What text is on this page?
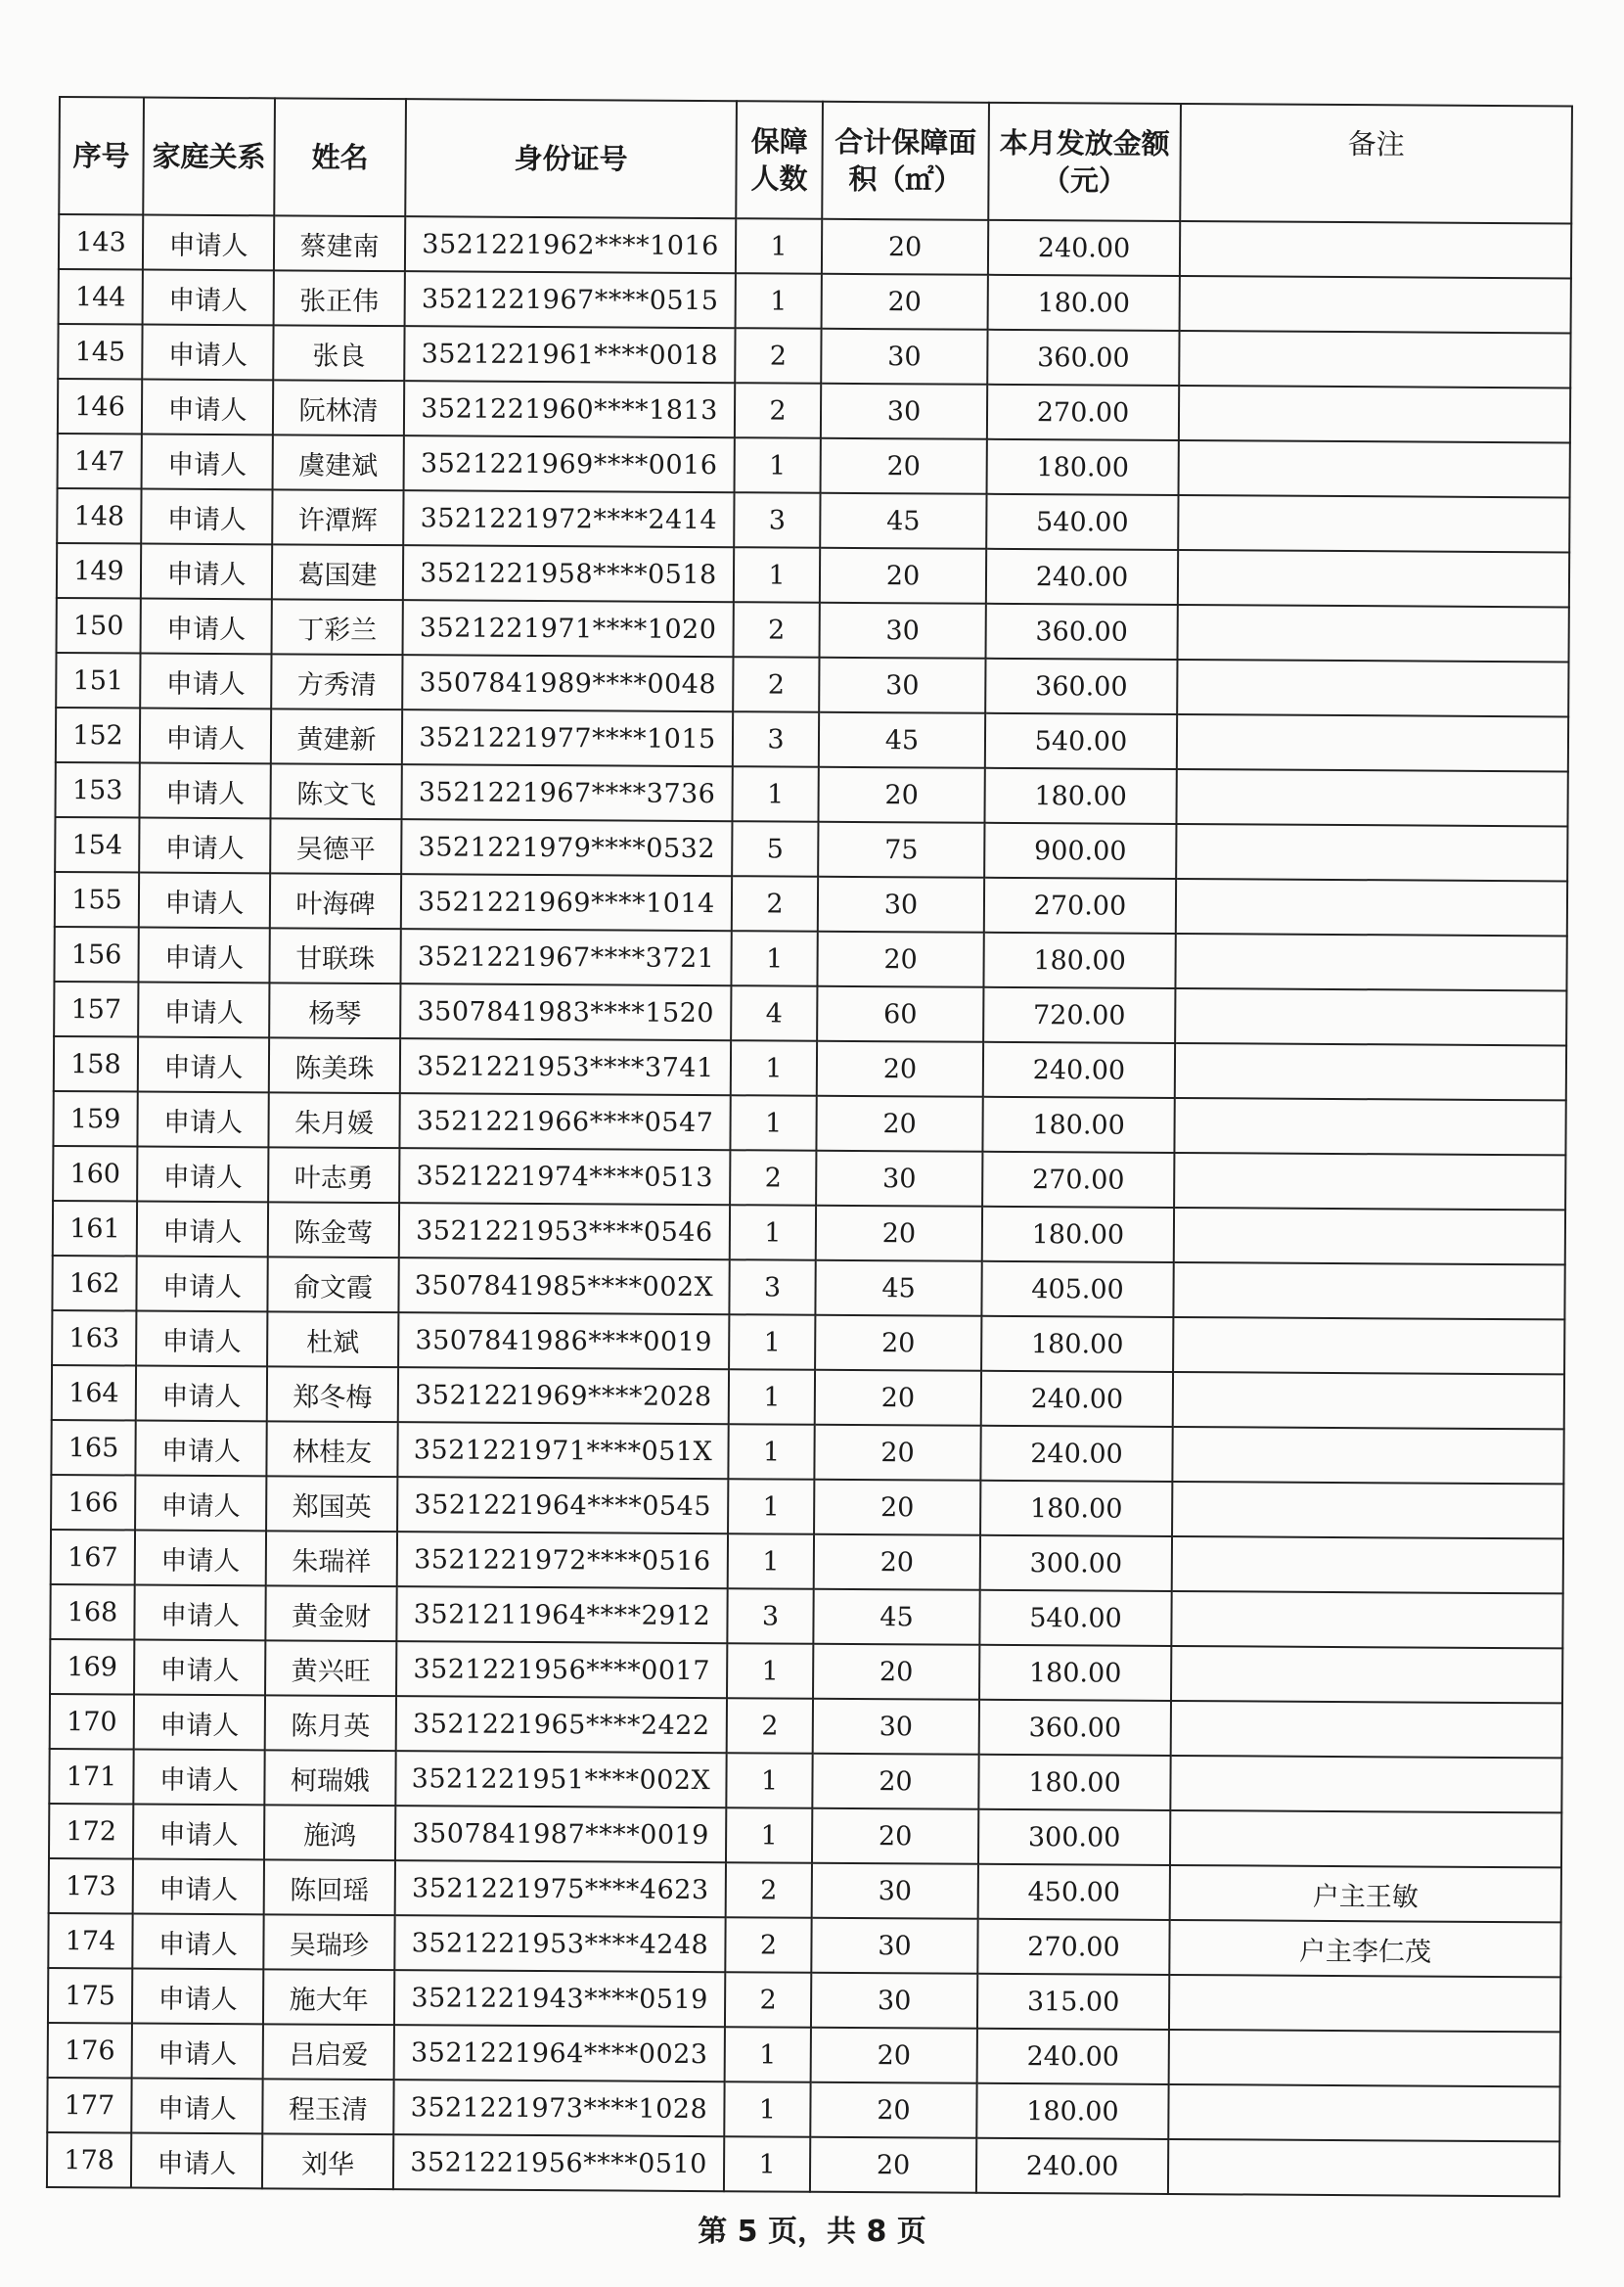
序号	家庭关系	姓名	身份证号	保障人数	合计保障面积（㎡）	本月发放金额（元）	备注
143	申请人	蔡建南	3521221962****1016	1	20	240.00	
144	申请人	张正伟	3521221967****0515	1	20	180.00	
145	申请人	张良	3521221961****0018	2	30	360.00	
146	申请人	阮林清	3521221960****1813	2	30	270.00	
147	申请人	虞建斌	3521221969****0016	1	20	180.00	
148	申请人	许潭辉	3521221972****2414	3	45	540.00	
149	申请人	葛国建	3521221958****0518	1	20	240.00	
150	申请人	丁彩兰	3521221971****1020	2	30	360.00	
151	申请人	方秀清	3507841989****0048	2	30	360.00	
152	申请人	黄建新	3521221977****1015	3	45	540.00	
153	申请人	陈文飞	3521221967****3736	1	20	180.00	
154	申请人	吴德平	3521221979****0532	5	75	900.00	
155	申请人	叶海碑	3521221969****1014	2	30	270.00	
156	申请人	甘联珠	3521221967****3721	1	20	180.00	
157	申请人	杨琴	3507841983****1520	4	60	720.00	
158	申请人	陈美珠	3521221953****3741	1	20	240.00	
159	申请人	朱月媛	3521221966****0547	1	20	180.00	
160	申请人	叶志勇	3521221974****0513	2	30	270.00	
161	申请人	陈金莺	3521221953****0546	1	20	180.00	
162	申请人	俞文霞	3507841985****002X	3	45	405.00	
163	申请人	杜斌	3507841986****0019	1	20	180.00	
164	申请人	郑冬梅	3521221969****2028	1	20	240.00	
165	申请人	林桂友	3521221971****051X	1	20	240.00	
166	申请人	郑国英	3521221964****0545	1	20	180.00	
167	申请人	朱瑞祥	3521221972****0516	1	20	300.00	
168	申请人	黄金财	3521211964****2912	3	45	540.00	
169	申请人	黄兴旺	3521221956****0017	1	20	180.00	
170	申请人	陈月英	3521221965****2422	2	30	360.00	
171	申请人	柯瑞娥	3521221951****002X	1	20	180.00	
172	申请人	施鸿	3507841987****0019	1	20	300.00	
173	申请人	陈回瑶	3521221975****4623	2	30	450.00	户主王敏
174	申请人	吴瑞珍	3521221953****4248	2	30	270.00	户主李仁茂
175	申请人	施大年	3521221943****0519	2	30	315.00	
176	申请人	吕启爱	3521221964****0023	1	20	240.00	
177	申请人	程玉清	3521221973****1028	1	20	180.00	
178	申请人	刘华	3521221956****0510	1	20	240.00	
第 5 页，共 8 页
